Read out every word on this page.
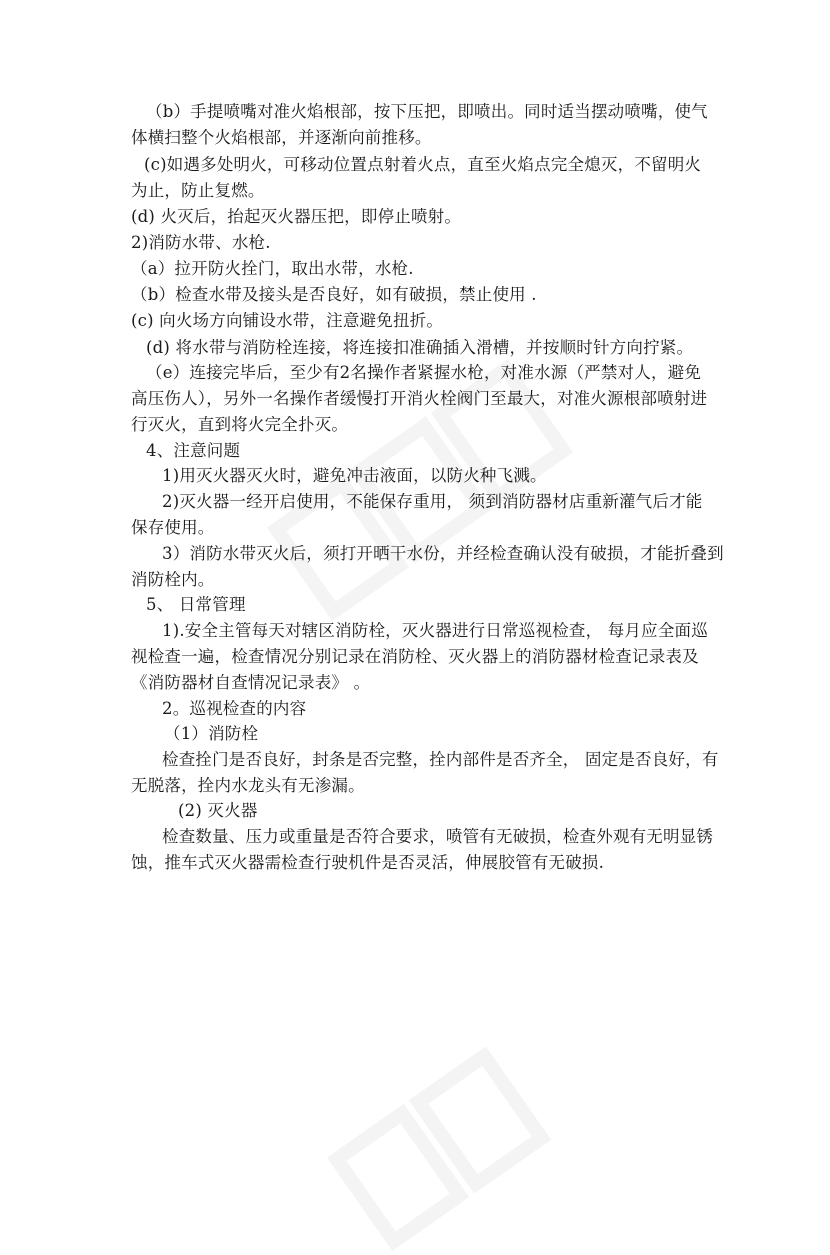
（b）手提喷嘴对准火焰根部，按下压把，即喷出。同时适当摆动喷嘴，使气
体横扫整个火焰根部，并逐渐向前推移。
(c)如遇多处明火，可移动位置点射着火点，直至火焰点完全熄灭，不留明火
为止，防止复燃。
(d) 火灭后，抬起灭火器压把，即停止喷射。
2)消防水带、水枪.
（a）拉开防火拴门，取出水带，水枪.
（b）检查水带及接头是否良好，如有破损，禁止使用 .
(c) 向火场方向铺设水带，注意避免扭折。
(d) 将水带与消防栓连接，将连接扣准确插入滑槽，并按顺时针方向拧紧。
（e）连接完毕后，至少有2名操作者紧握水枪，对准水源（严禁对人，避免
高压伤人），另外一名操作者缓慢打开消火栓阀门至最大，对准火源根部喷射进
行灭火，直到将火完全扑灭。
4、注意问题
1)用灭火器灭火时，避免冲击液面，以防火种飞溅。
2)灭火器一经开启使用，不能保存重用， 须到消防器材店重新灌气后才能
保存使用。
3）消防水带灭火后，须打开晒干水份，并经检查确认没有破损，才能折叠到
消防栓内。
5、 日常管理
1).安全主管每天对辖区消防栓，灭火器进行日常巡视检查， 每月应全面巡
视检查一遍，检查情况分别记录在消防栓、灭火器上的消防器材检查记录表及
《消防器材自查情况记录表》 。
2。巡视检查的内容
（1）消防栓
检查拴门是否良好，封条是否完整，拴内部件是否齐全， 固定是否良好，有
无脱落，拴内水龙头有无渗漏。
(2) 灭火器
检查数量、压力或重量是否符合要求，喷管有无破损，检查外观有无明显锈
蚀，推车式灭火器需检查行驶机件是否灵活，伸展胶管有无破损.
